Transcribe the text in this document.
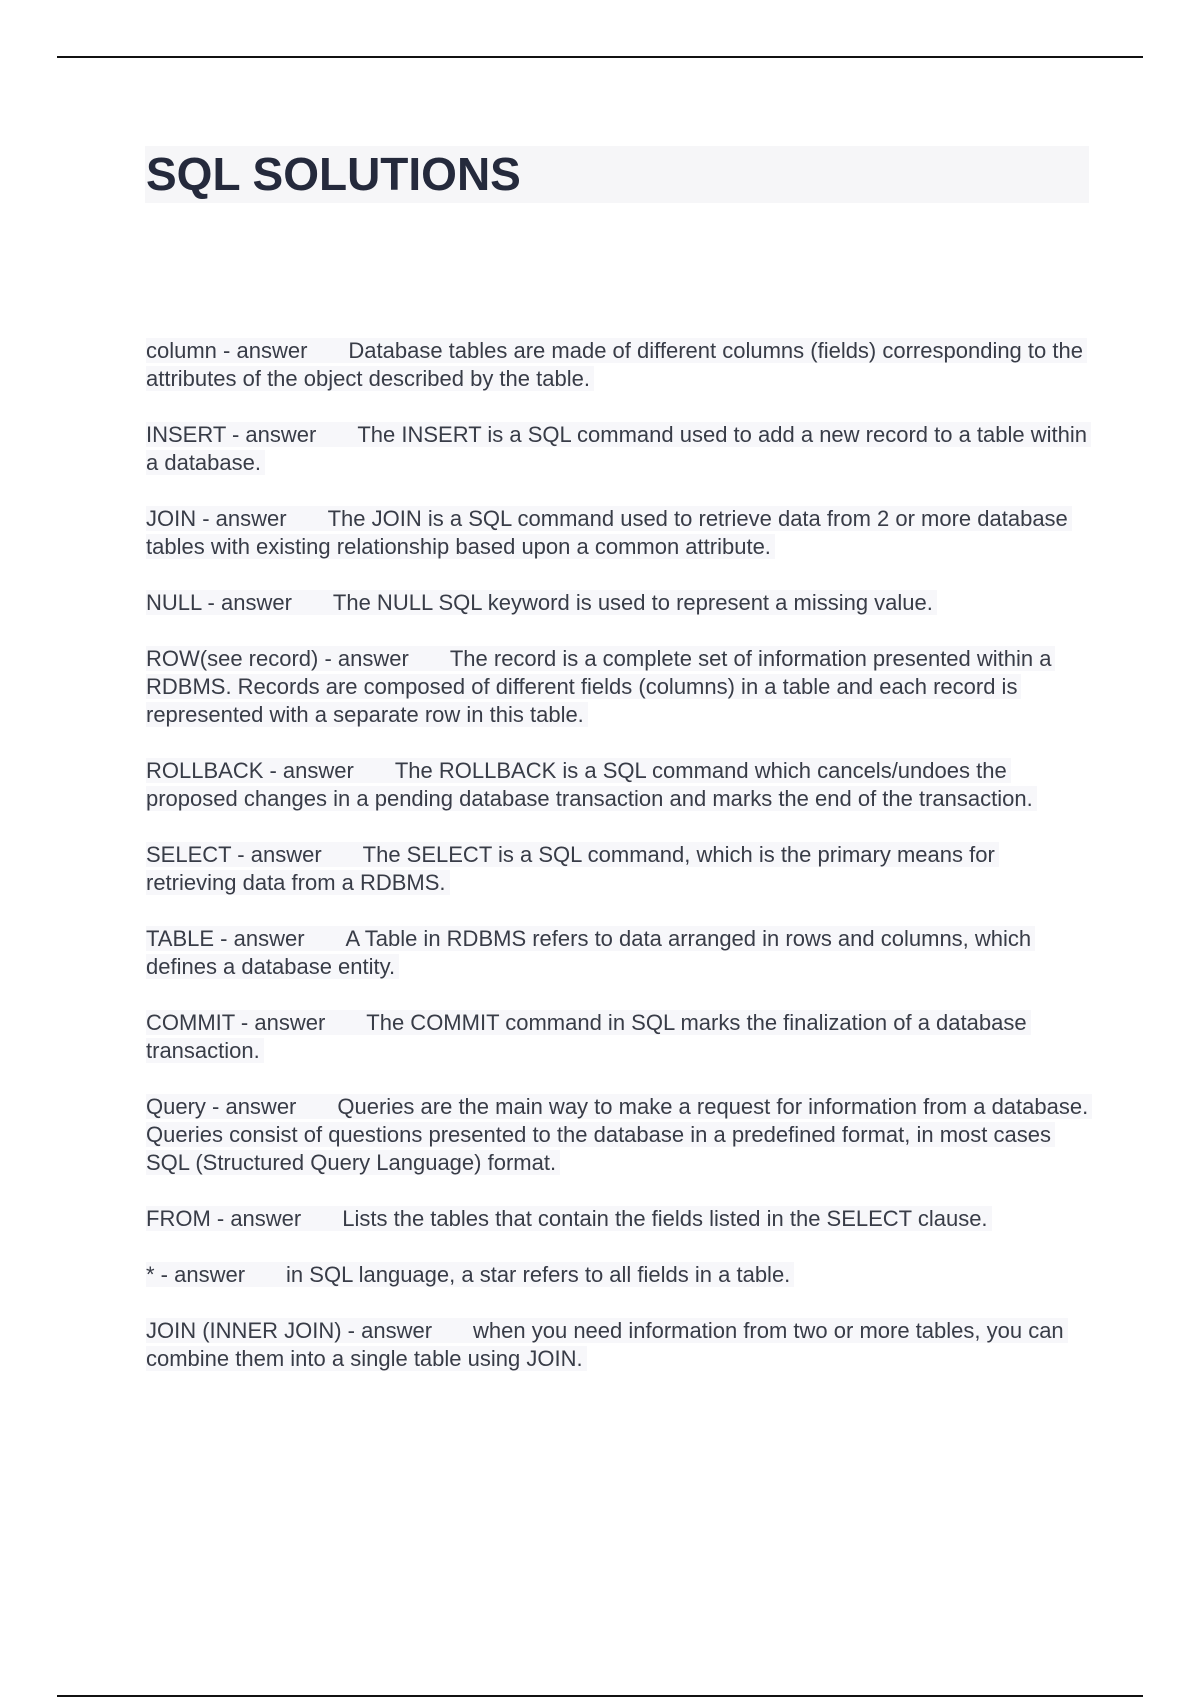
SQL SOLUTIONS

column - answer Database tables are made of different columns (fields) corresponding to the attributes of the object described by the table.

INSERT - answer The INSERT is a SQL command used to add a new record to a table within a database.

JOIN - answer The JOIN is a SQL command used to retrieve data from 2 or more database tables with existing relationship based upon a common attribute.

NULL - answer The NULL SQL keyword is used to represent a missing value.

ROW(see record) - answer The record is a complete set of information presented within a RDBMS. Records are composed of different fields (columns) in a table and each record is represented with a separate row in this table.

ROLLBACK - answer The ROLLBACK is a SQL command which cancels/undoes the proposed changes in a pending database transaction and marks the end of the transaction.

SELECT - answer The SELECT is a SQL command, which is the primary means for retrieving data from a RDBMS.

TABLE - answer A Table in RDBMS refers to data arranged in rows and columns, which defines a database entity.

COMMIT - answer The COMMIT command in SQL marks the finalization of a database transaction.

Query - answer Queries are the main way to make a request for information from a database. Queries consist of questions presented to the database in a predefined format, in most cases SQL (Structured Query Language) format.

FROM - answer Lists the tables that contain the fields listed in the SELECT clause.

* - answer in SQL language, a star refers to all fields in a table.

JOIN (INNER JOIN) - answer when you need information from two or more tables, you can combine them into a single table using JOIN.
